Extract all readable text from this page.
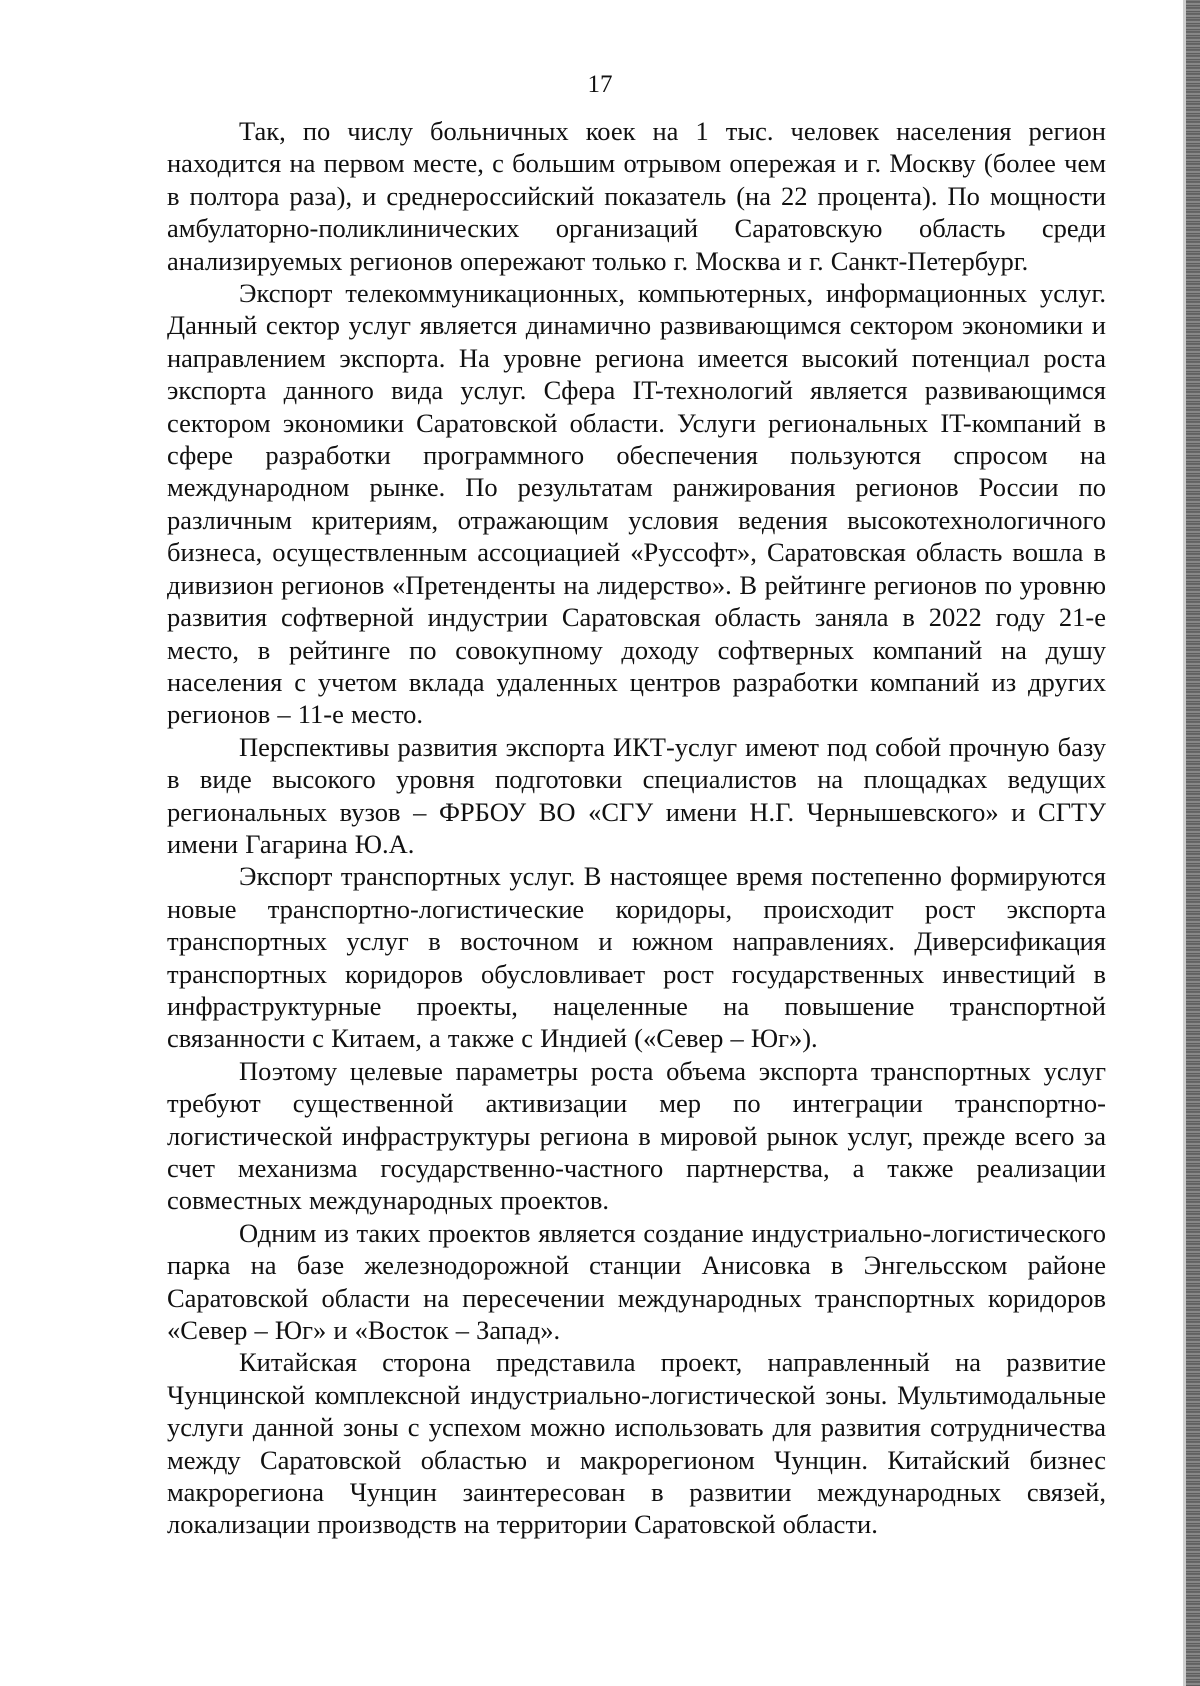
17

Так, по числу больничных коек на 1 тыс. человек населения регион находится на первом месте, с большим отрывом опережая и г. Москву (более чем в полтора раза), и среднероссийский показатель (на 22 процента). По мощности амбулаторно-поликлинических организаций Саратовскую область среди анализируемых регионов опережают только г. Москва и г. Санкт-Петербург.

Экспорт телекоммуникационных, компьютерных, информационных услуг. Данный сектор услуг является динамично развивающимся сектором экономики и направлением экспорта. На уровне региона имеется высокий потенциал роста экспорта данного вида услуг. Сфера IT-технологий является развивающимся сектором экономики Саратовской области. Услуги региональных IT-компаний в сфере разработки программного обеспечения пользуются спросом на международном рынке. По результатам ранжирования регионов России по различным критериям, отражающим условия ведения высокотехнологичного бизнеса, осуществленным ассоциацией «Руссофт», Саратовская область вошла в дивизион регионов «Претенденты на лидерство». В рейтинге регионов по уровню развития софтверной индустрии Саратовская область заняла в 2022 году 21-е место, в рейтинге по совокупному доходу софтверных компаний на душу населения с учетом вклада удаленных центров разработки компаний из других регионов – 11-е место.

Перспективы развития экспорта ИКТ-услуг имеют под собой прочную базу в виде высокого уровня подготовки специалистов на площадках ведущих региональных вузов – ФРБОУ ВО «СГУ имени Н.Г. Чернышевского» и СГТУ имени Гагарина Ю.А.

Экспорт транспортных услуг. В настоящее время постепенно формируются новые транспортно-логистические коридоры, происходит рост экспорта транспортных услуг в восточном и южном направлениях. Диверсификация транспортных коридоров обусловливает рост государственных инвестиций в инфраструктурные проекты, нацеленные на повышение транспортной связанности с Китаем, а также с Индией («Север – Юг»).

Поэтому целевые параметры роста объема экспорта транспортных услуг требуют существенной активизации мер по интеграции транспортно-логистической инфраструктуры региона в мировой рынок услуг, прежде всего за счет механизма государственно-частного партнерства, а также реализации совместных международных проектов.

Одним из таких проектов является создание индустриально-логистического парка на базе железнодорожной станции Анисовка в Энгельсском районе Саратовской области на пересечении международных транспортных коридоров «Север – Юг» и «Восток – Запад».

Китайская сторона представила проект, направленный на развитие Чунцинской комплексной индустриально-логистической зоны. Мультимодальные услуги данной зоны с успехом можно использовать для развития сотрудничества между Саратовской областью и макрорегионом Чунцин. Китайский бизнес макрорегиона Чунцин заинтересован в развитии международных связей, локализации производств на территории Саратовской области.
